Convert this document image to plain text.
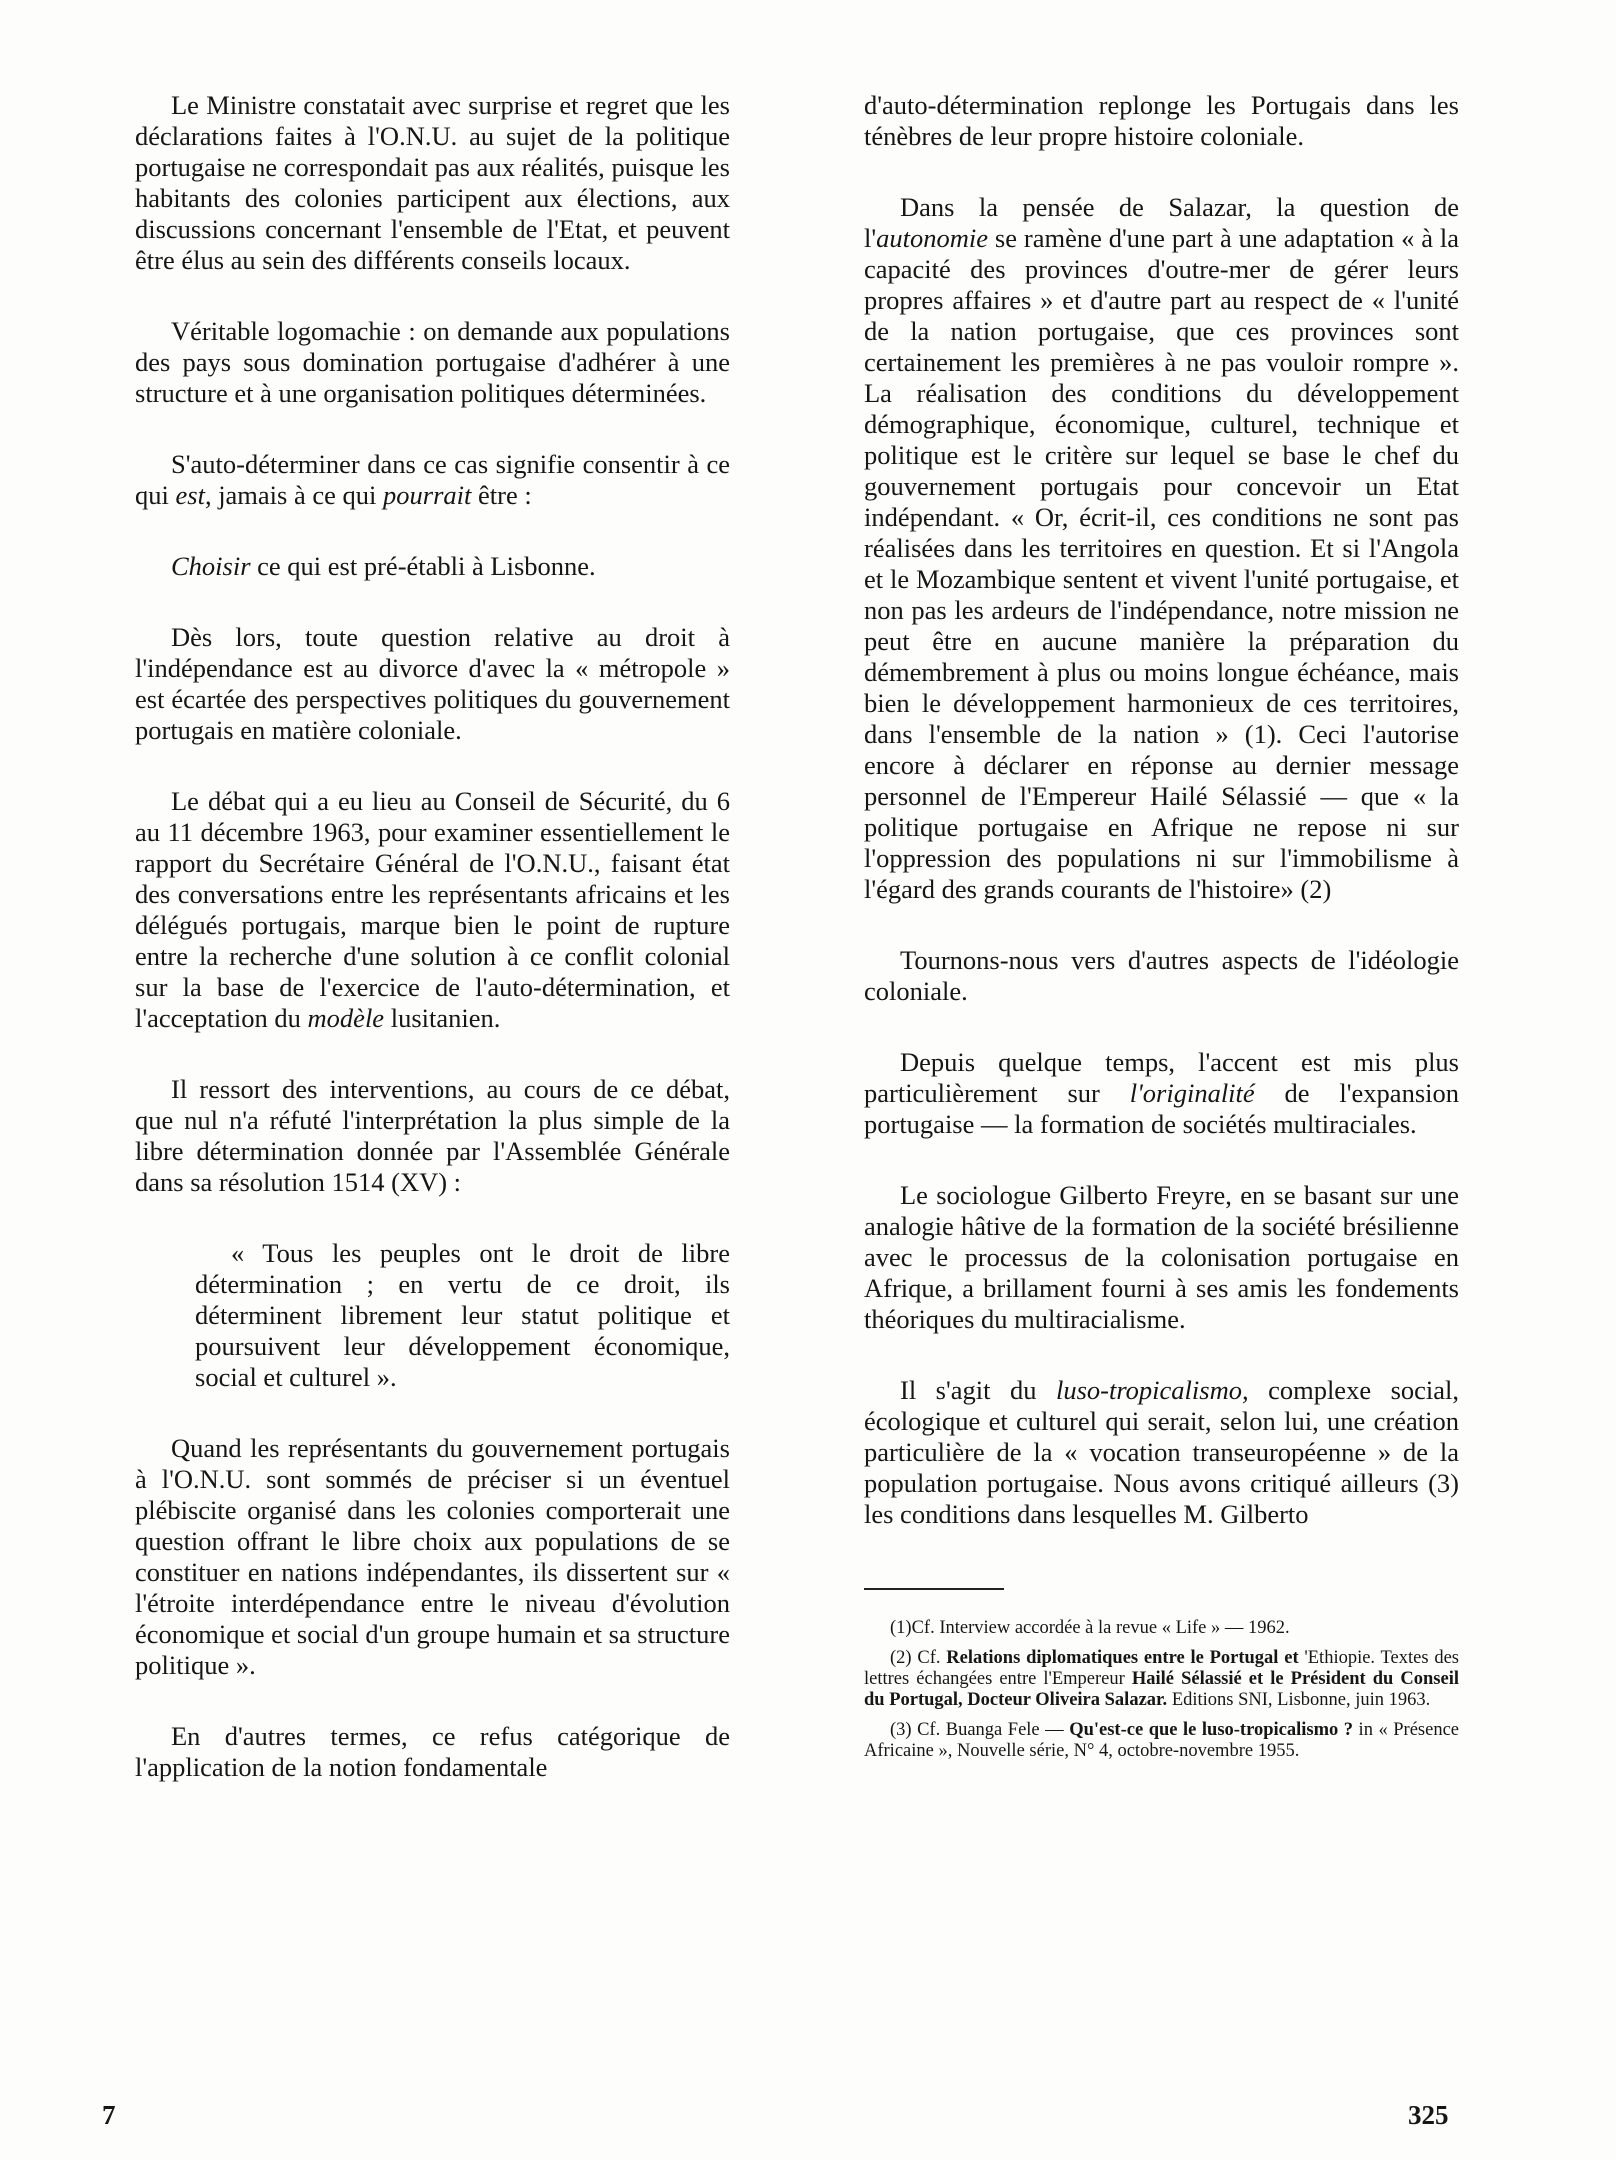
Le Ministre constatait avec surprise et regret que les déclarations faites à l'O.N.U. au sujet de la politique portugaise ne correspondait pas aux réalités, puisque les habitants des colonies participent aux élections, aux discussions concernant l'ensemble de l'Etat, et peuvent être élus au sein des différents conseils locaux.

Véritable logomachie : on demande aux populations des pays sous domination portugaise d'adhérer à une structure et à une organisation politiques déterminées.

S'auto-déterminer dans ce cas signifie consentir à ce qui est, jamais à ce qui pourrait être :

Choisir ce qui est pré-établi à Lisbonne.

Dès lors, toute question relative au droit à l'indépendance est au divorce d'avec la « métropole » est écartée des perspectives politiques du gouvernement portugais en matière coloniale.

Le débat qui a eu lieu au Conseil de Sécurité, du 6 au 11 décembre 1963, pour examiner essentiellement le rapport du Secrétaire Général de l'O.N.U., faisant état des conversations entre les représentants africains et les délégués portugais, marque bien le point de rupture entre la recherche d'une solution à ce conflit colonial sur la base de l'exercice de l'auto-détermination, et l'acceptation du modèle lusitanien.

Il ressort des interventions, au cours de ce débat, que nul n'a réfuté l'interprétation la plus simple de la libre détermination donnée par l'Assemblée Générale dans sa résolution 1514 (XV) :

« Tous les peuples ont le droit de libre détermination ; en vertu de ce droit, ils déterminent librement leur statut politique et poursuivent leur développement économique, social et culturel ».

Quand les représentants du gouvernement portugais à l'O.N.U. sont sommés de préciser si un éventuel plébiscite organisé dans les colonies comporterait une question offrant le libre choix aux populations de se constituer en nations indépendantes, ils dissertent sur « l'étroite interdépendance entre le niveau d'évolution économique et social d'un groupe humain et sa structure politique ».

En d'autres termes, ce refus catégorique de l'application de la notion fondamentale

d'auto-détermination replonge les Portugais dans les ténèbres de leur propre histoire coloniale.

Dans la pensée de Salazar, la question de l'autonomie se ramène d'une part à une adaptation « à la capacité des provinces d'outre-mer de gérer leurs propres affaires » et d'autre part au respect de « l'unité de la nation portugaise, que ces provinces sont certainement les premières à ne pas vouloir rompre ». La réalisation des conditions du développement démographique, économique, culturel, technique et politique est le critère sur lequel se base le chef du gouvernement portugais pour concevoir un Etat indépendant. « Or, écrit-il, ces conditions ne sont pas réalisées dans les territoires en question. Et si l'Angola et le Mozambique sentent et vivent l'unité portugaise, et non pas les ardeurs de l'indépendance, notre mission ne peut être en aucune manière la préparation du démembrement à plus ou moins longue échéance, mais bien le développement harmonieux de ces territoires, dans l'ensemble de la nation » (1). Ceci l'autorise encore à déclarer en réponse au dernier message personnel de l'Empereur Hailé Sélassié — que « la politique portugaise en Afrique ne repose ni sur l'oppression des populations ni sur l'immobilisme à l'égard des grands courants de l'histoire» (2)

Tournons-nous vers d'autres aspects de l'idéologie coloniale.

Depuis quelque temps, l'accent est mis plus particulièrement sur l'originalité de l'expansion portugaise — la formation de sociétés multiraciales.

Le sociologue Gilberto Freyre, en se basant sur une analogie hâtive de la formation de la société brésilienne avec le processus de la colonisation portugaise en Afrique, a brillament fourni à ses amis les fondements théoriques du multiracialisme.

Il s'agit du luso-tropicalismo, complexe social, écologique et culturel qui serait, selon lui, une création particulière de la « vocation transeuropéenne » de la population portugaise. Nous avons critiqué ailleurs (3) les conditions dans lesquelles M. Gilberto

(1)Cf. Interview accordée à la revue « Life » — 1962.

(2) Cf. Relations diplomatiques entre le Portugal et 'Ethiopie. Textes des lettres échangées entre l'Empereur Hailé Sélassié et le Président du Conseil du Portugal, Docteur Oliveira Salazar. Editions SNI, Lisbonne, juin 1963.

(3) Cf. Buanga Fele — Qu'est-ce que le luso-tropicalismo ? in « Présence Africaine », Nouvelle série, N° 4, octobre-novembre 1955.

7	325
